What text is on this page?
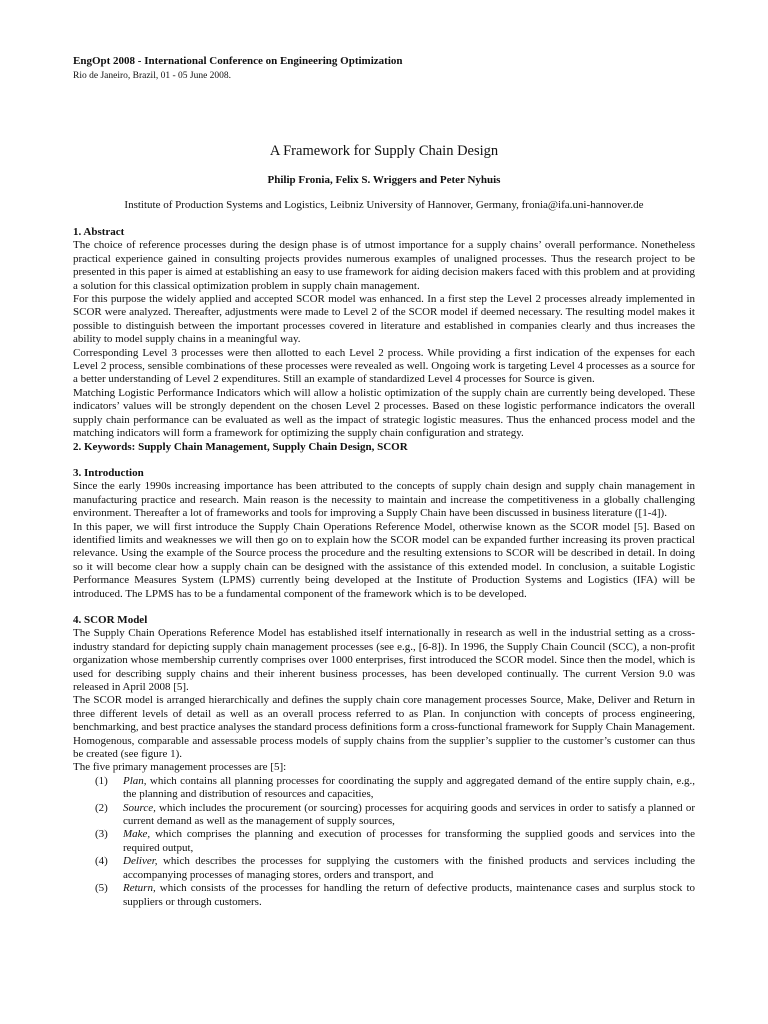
EngOpt 2008 - International Conference on Engineering Optimization
Rio de Janeiro, Brazil, 01 - 05 June 2008.
A Framework for Supply Chain Design
Philip Fronia, Felix S. Wriggers and Peter Nyhuis
Institute of Production Systems and Logistics, Leibniz University of Hannover, Germany, fronia@ifa.uni-hannover.de
1. Abstract

The choice of reference processes during the design phase is of utmost importance for a supply chains’ overall performance. Nonetheless practical experience gained in consulting projects provides numerous examples of unaligned processes. Thus the research project to be presented in this paper is aimed at establishing an easy to use framework for aiding decision makers faced with this problem and at providing a solution for this classical optimization problem in supply chain management.

For this purpose the widely applied and accepted SCOR model was enhanced. In a first step the Level 2 processes already implemented in SCOR were analyzed. Thereafter, adjustments were made to Level 2 of the SCOR model if deemed necessary. The resulting model makes it possible to distinguish between the important processes covered in literature and established in companies clearly and thus increases the ability to model supply chains in a meaningful way.

Corresponding Level 3 processes were then allotted to each Level 2 process. While providing a first indication of the expenses for each Level 2 process, sensible combinations of these processes were revealed as well. Ongoing work is targeting Level 4 processes as a source for a better understanding of Level 2 expenditures. Still an example of standardized Level 4 processes for Source is given.

Matching Logistic Performance Indicators which will allow a holistic optimization of the supply chain are currently being developed. These indicators’ values will be strongly dependent on the chosen Level 2 processes. Based on these logistic performance indicators the overall supply chain performance can be evaluated as well as the impact of strategic logistic measures. Thus the enhanced process model and the matching indicators will form a framework for optimizing the supply chain configuration and strategy.

2. Keywords: Supply Chain Management, Supply Chain Design, SCOR
3. Introduction

Since the early 1990s increasing importance has been attributed to the concepts of supply chain design and supply chain management in manufacturing practice and research. Main reason is the necessity to maintain and increase the competitiveness in a globally challenging environment. Thereafter a lot of frameworks and tools for improving a Supply Chain have been discussed in business literature ([1-4]).

In this paper, we will first introduce the Supply Chain Operations Reference Model, otherwise known as the SCOR model [5]. Based on identified limits and weaknesses we will then go on to explain how the SCOR model can be expanded further increasing its proven practical relevance. Using the example of the Source process the procedure and the resulting extensions to SCOR will be described in detail. In doing so it will become clear how a supply chain can be designed with the assistance of this extended model. In conclusion, a suitable Logistic Performance Measures System (LPMS) currently being developed at the Institute of Production Systems and Logistics (IFA) will be introduced. The LPMS has to be a fundamental component of the framework which is to be developed.

4. SCOR Model

The Supply Chain Operations Reference Model has established itself internationally in research as well in the industrial setting as a cross-industry standard for depicting supply chain management processes (see e.g., [6-8]). In 1996, the Supply Chain Council (SCC), a non-profit organization whose membership currently comprises over 1000 enterprises, first introduced the SCOR model. Since then the model, which is used for describing supply chains and their inherent business processes, has been developed continually. The current Version 9.0 was released in April 2008 [5].

The SCOR model is arranged hierarchically and defines the supply chain core management processes Source, Make, Deliver and Return in three different levels of detail as well as an overall process referred to as Plan. In conjunction with concepts of process engineering, benchmarking, and best practice analyses the standard process definitions form a cross-functional framework for Supply Chain Management. Homogenous, comparable and assessable process models of supply chains from the supplier’s supplier to the customer’s customer can thus be created (see figure 1).

The five primary management processes are [5]:

(1) Plan, which contains all planning processes for coordinating the supply and aggregated demand of the entire supply chain, e.g., the planning and distribution of resources and capacities,
(2) Source, which includes the procurement (or sourcing) processes for acquiring goods and services in order to satisfy a planned or current demand as well as the management of supply sources,
(3) Make, which comprises the planning and execution of processes for transforming the supplied goods and services into the required output,
(4) Deliver, which describes the processes for supplying the customers with the finished products and services including the accompanying processes of managing stores, orders and transport, and
(5) Return, which consists of the processes for handling the return of defective products, maintenance cases and surplus stock to suppliers or through customers.
